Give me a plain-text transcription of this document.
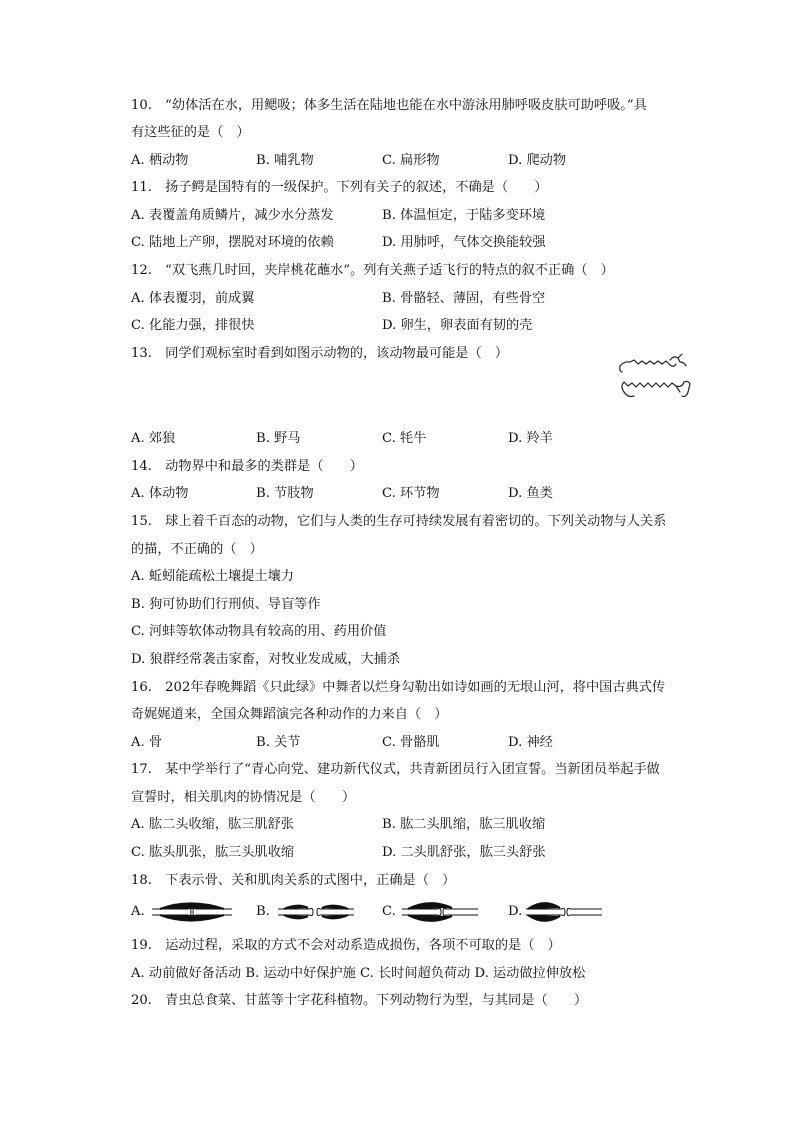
10.　“幼体活在水，用鳃吸；体多生活在陆地也能在水中游泳用肺呼吸皮肤可助呼吸。”具
有这些征的是（　）
A. 栖动物	B. 哺乳物	C. 扁形物	D. 爬动物
11.　扬子鳄是国特有的一级保护。下列有关子的叙述，不确是（　　）
A. 表覆盖角质鳞片，减少水分蒸发	B. 体温恒定，于陆多变环境
C. 陆地上产卵，摆脱对环境的依赖	D. 用肺呼，气体交换能较强
12.　“双飞燕几时回，夹岸桃花蘸水”。列有关燕子适飞行的特点的叙不正确（　）
A. 体表覆羽，前成翼	B. 骨骼轻、薄固，有些骨空
C. 化能力强，排很快	D. 卵生，卵表面有韧的壳
13.　同学们观标室时看到如图示动物的，该动物最可能是（　）
A. 郊狼	B. 野马	C. 牦牛	D. 羚羊
14.　动物界中和最多的类群是（　　）
A. 体动物	B. 节肢物	C. 环节物	D. 鱼类
15.　球上着千百态的动物，它们与人类的生存可持续发展有着密切的。下列关动物与人关系
的描，不正确的（　）
A. 蚯蚓能疏松土壤提土壤力
B. 狗可协助们行刑侦、导盲等作
C. 河蚌等软体动物具有较高的用、药用价值
D. 狼群经常袭击家畜，对牧业发成威，大捕杀
16.　202年春晚舞蹈《只此绿》中舞者以烂身勾勒出如诗如画的无垠山河，将中国古典式传
奇娓娓道来，全国众舞蹈演完各种动作的力来自（　）
A. 骨	B. 关节	C. 骨骼肌	D. 神经
17.　某中学举行了“青心向党、建功新代仪式，共青新团员行入团宣誓。当新团员举起手做
宣誓时，相关肌肉的协情况是（　　）
A. 肱二头收缩，肱三肌舒张	B. 肱二头肌缩，肱三肌收缩
C. 肱头肌张，肱三头肌收缩	D. 二头肌舒张，肱三头舒张
18.　下表示骨、关和肌肉关系的式图中，正确是（　）
A.	B.	C.	D.
19.　运动过程，采取的方式不会对动系造成损伤，各项不可取的是（　）
A. 动前做好备活动 B. 运动中好保护施 C. 长时间超负荷动 D. 运动做拉伸放松
20.　青虫总食菜、甘蓝等十字花科植物。下列动物行为型，与其同是（　　）
